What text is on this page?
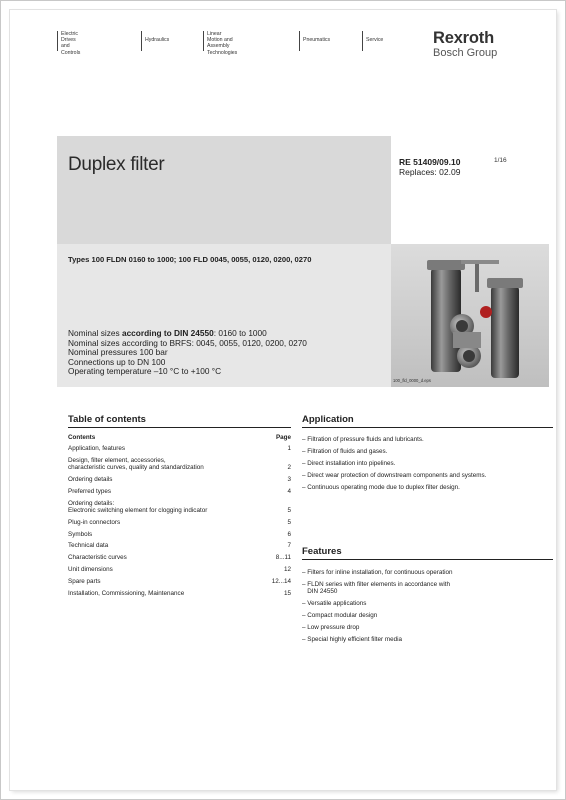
Electric Drives
and Controls
Hydraulics
Linear Motion and
Assembly Technologies
Pneumatics	Service	Rexroth
Bosch Group
Duplex filter	RE 51409/09.10
Replaces: 02.09
1/16
Types 100 FLDN 0160 to 1000; 100 FLD 0045, 0055, 0120, 0200, 0270
Nominal sizes according to DIN 24550: 0160 to 1000
Nominal sizes according to BRFS: 0045, 0055, 0120, 0200, 0270
Nominal pressures 100 bar
Connections up to DN 100
Operating temperature –10 °C to +100 °C
100_fld_0000_d.eps
Table of contents
Contents	Page
Application, features	1
Design, filter element, accessories,
characteristic curves, quality and standardization	2
Ordering details	3
Preferred types	4
Ordering details:
Electronic switching element for clogging indicator	5
Plug-in connectors	5
Symbols	6
Technical data	7
Characteristic curves	8...11
Unit dimensions	12
Spare parts	12...14
Installation, Commissioning, Maintenance	15
Application
– Filtration of pressure fluids and lubricants.
– Filtration of fluids and gases.
– Direct installation into pipelines.
– Direct wear protection of downstream components and systems.
– Continuous operating mode due to duplex filter design.
Features
– Filters for inline installation, for continuous operation
– FLDN series with filter elements in accordance with
DIN 24550
– Versatile applications
– Compact modular design
– Low pressure drop
– Special highly efficient filter media
